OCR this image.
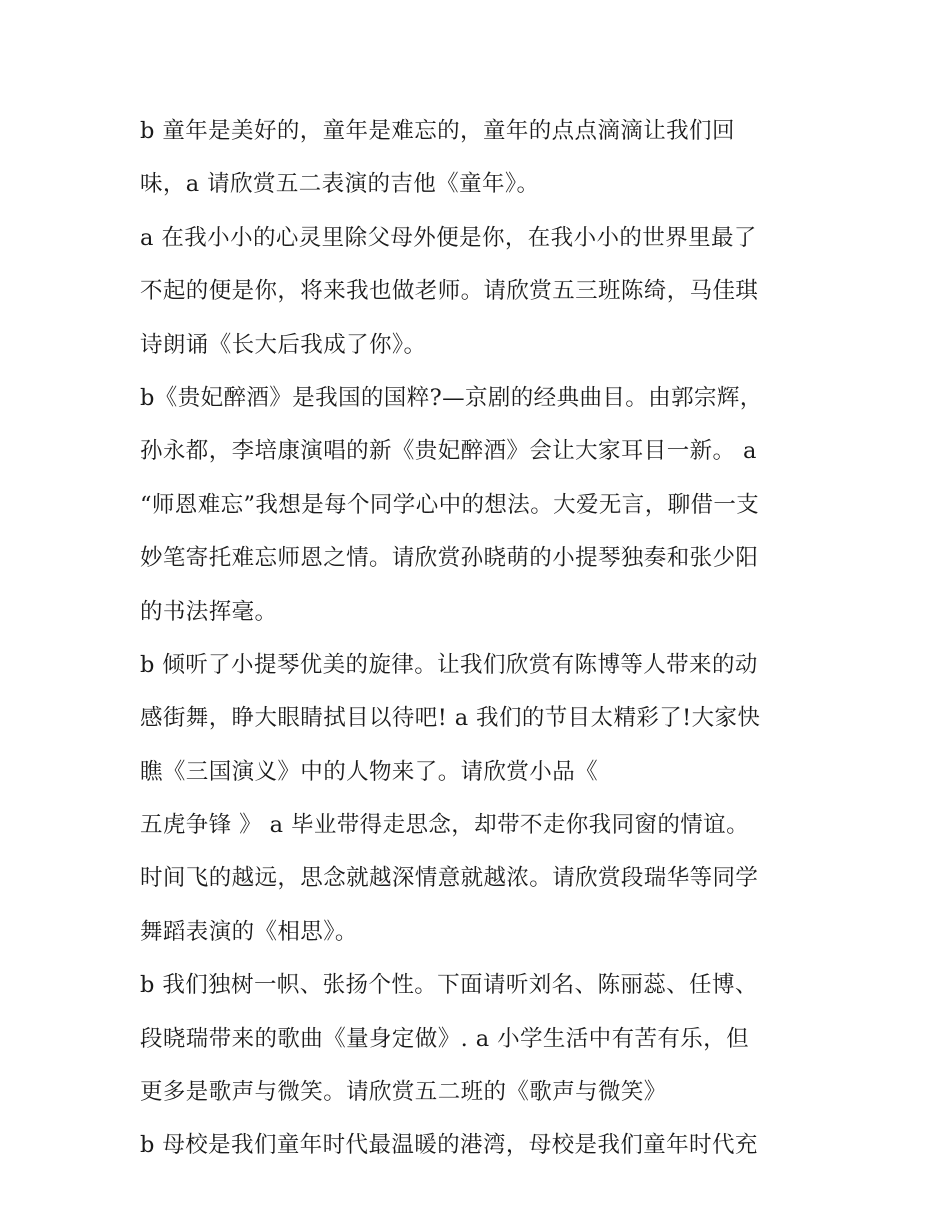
b 童年是美好的，童年是难忘的，童年的点点滴滴让我们回
味，a 请欣赏五二表演的吉他《童年》。
a 在我小小的心灵里除父母外便是你，在我小小的世界里最了
不起的便是你，将来我也做老师。请欣赏五三班陈绮，马佳琪
诗朗诵《长大后我成了你》。
b《贵妃醉酒》是我国的国粹?—京剧的经典曲目。由郭宗辉，
孙永都，李培康演唱的新《贵妃醉酒》会让大家耳目一新。 a
“师恩难忘”我想是每个同学心中的想法。大爱无言，聊借一支
妙笔寄托难忘师恩之情。请欣赏孙晓萌的小提琴独奏和张少阳
的书法挥毫。
b 倾听了小提琴优美的旋律。让我们欣赏有陈博等人带来的动
感街舞，睁大眼睛拭目以待吧! a 我们的节目太精彩了!大家快
瞧《三国演义》中的人物来了。请欣赏小品《
五虎争锋 》 a 毕业带得走思念，却带不走你我同窗的情谊。
时间飞的越远，思念就越深情意就越浓。请欣赏段瑞华等同学
舞蹈表演的《相思》。
b 我们独树一帜、张扬个性。下面请听刘名、陈丽蕊、任博、
段晓瑞带来的歌曲《量身定做》. a 小学生活中有苦有乐，但
更多是歌声与微笑。请欣赏五二班的《歌声与微笑》
b 母校是我们童年时代最温暖的港湾，母校是我们童年时代充
